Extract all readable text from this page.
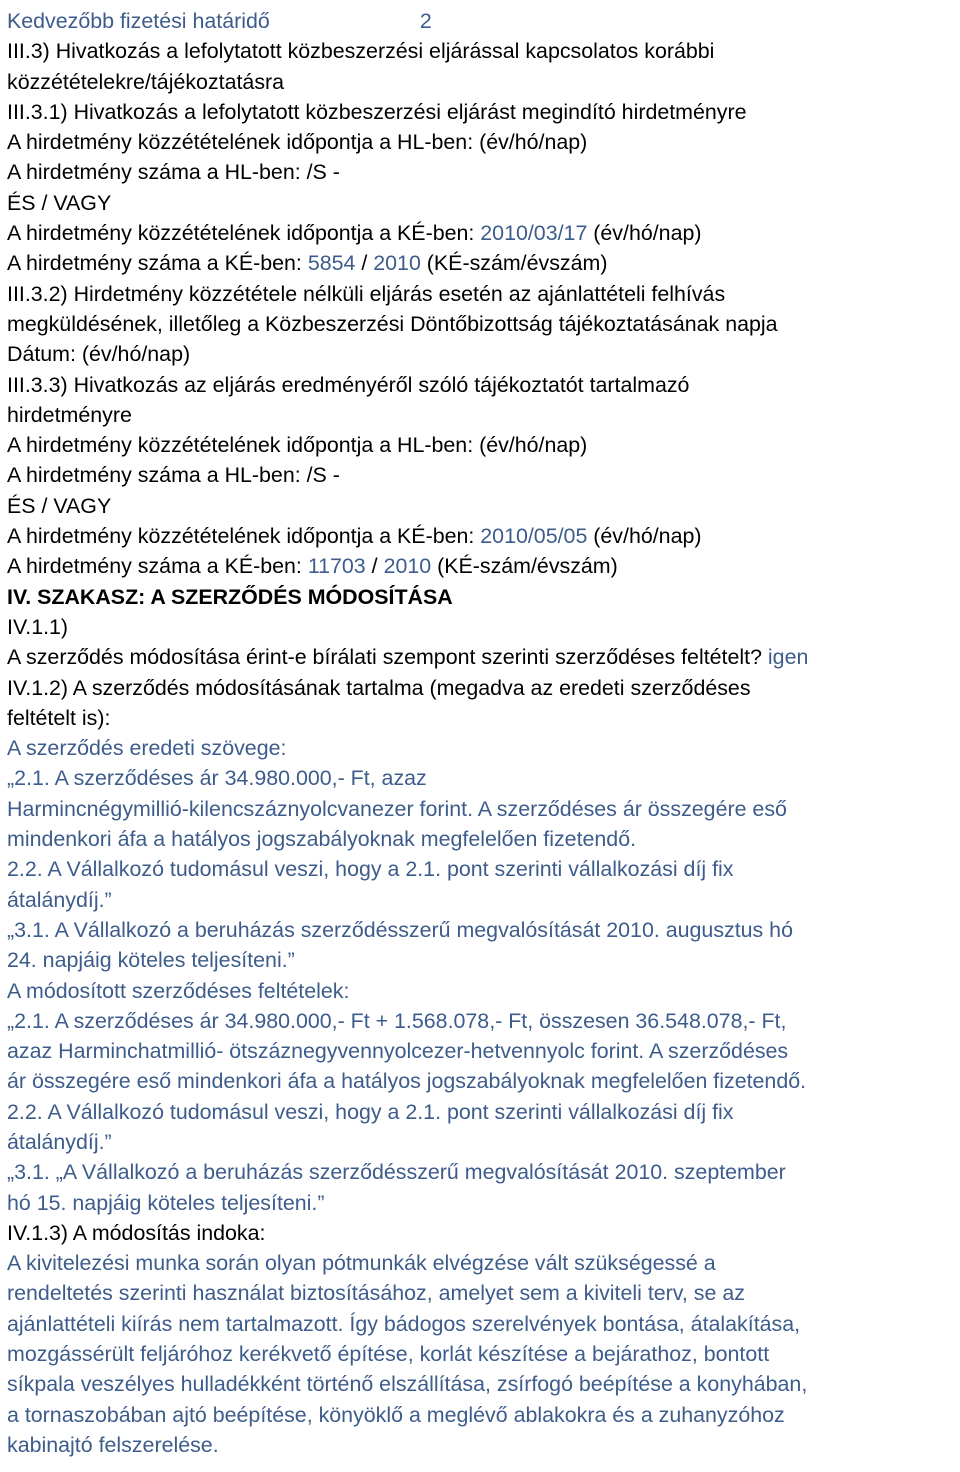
Kedvezőbb fizetési határidő	2
III.3) Hivatkozás a lefolytatott közbeszerzési eljárással kapcsolatos korábbi
közzétételekre/tájékoztatásra
III.3.1) Hivatkozás a lefolytatott közbeszerzési eljárást megindító hirdetményre
A hirdetmény közzétételének időpontja a HL-ben: (év/hó/nap)
A hirdetmény száma a HL-ben: /S -
ÉS / VAGY
A hirdetmény közzétételének időpontja a KÉ-ben: 2010/03/17 (év/hó/nap)
A hirdetmény száma a KÉ-ben: 5854 / 2010 (KÉ-szám/évszám)
III.3.2) Hirdetmény közzététele nélküli eljárás esetén az ajánlattételi felhívás
megküldésének, illetőleg a Közbeszerzési Döntőbizottság tájékoztatásának napja
Dátum: (év/hó/nap)
III.3.3) Hivatkozás az eljárás eredményéről szóló tájékoztatót tartalmazó
hirdetményre
A hirdetmény közzétételének időpontja a HL-ben: (év/hó/nap)
A hirdetmény száma a HL-ben: /S -
ÉS / VAGY
A hirdetmény közzétételének időpontja a KÉ-ben: 2010/05/05 (év/hó/nap)
A hirdetmény száma a KÉ-ben: 11703 / 2010 (KÉ-szám/évszám)
IV. SZAKASZ: A SZERZŐDÉS MÓDOSÍTÁSA
IV.1.1)
A szerződés módosítása érint-e bírálati szempont szerinti szerződéses feltételt? igen
IV.1.2) A szerződés módosításának tartalma (megadva az eredeti szerződéses
feltételt is):
A szerződés eredeti szövege:
„2.1. A szerződéses ár 34.980.000,- Ft, azaz
Harmincnégymillió-kilencszáznyolcvanezer forint. A szerződéses ár összegére eső
mindenkori áfa a hatályos jogszabályoknak megfelelően fizetendő.
2.2. A Vállalkozó tudomásul veszi, hogy a 2.1. pont szerinti vállalkozási díj fix
átalánydíj.”
„3.1. A Vállalkozó a beruházás szerződésszerű megvalósítását 2010. augusztus hó
24. napjáig köteles teljesíteni.”
A módosított szerződéses feltételek:
„2.1. A szerződéses ár 34.980.000,- Ft + 1.568.078,- Ft, összesen 36.548.078,- Ft,
azaz Harminchatmillió- ötszáznegyvennyolcezer-hetvennyolc forint. A szerződéses
ár összegére eső mindenkori áfa a hatályos jogszabályoknak megfelelően fizetendő.
2.2. A Vállalkozó tudomásul veszi, hogy a 2.1. pont szerinti vállalkozási díj fix
átalánydíj.”
„3.1. „A Vállalkozó a beruházás szerződésszerű megvalósítását 2010. szeptember
hó 15. napjáig köteles teljesíteni.”
IV.1.3) A módosítás indoka:
A kivitelezési munka során olyan pótmunkák elvégzése vált szükségessé a
rendeltetés szerinti használat biztosításához, amelyet sem a kiviteli terv, se az
ajánlattételi kiírás nem tartalmazott. Így bádogos szerelvények bontása, átalakítása,
mozgássérült feljáróhoz kerékvető építése, korlát készítése a bejárathoz, bontott
síkpala veszélyes hulladékként történő elszállítása, zsírfogó beépítése a konyhában,
a tornaszobában ajtó beépítése, könyöklő a meglévő ablakokra és a zuhanyzóhoz
kabinajtó felszerelése.
